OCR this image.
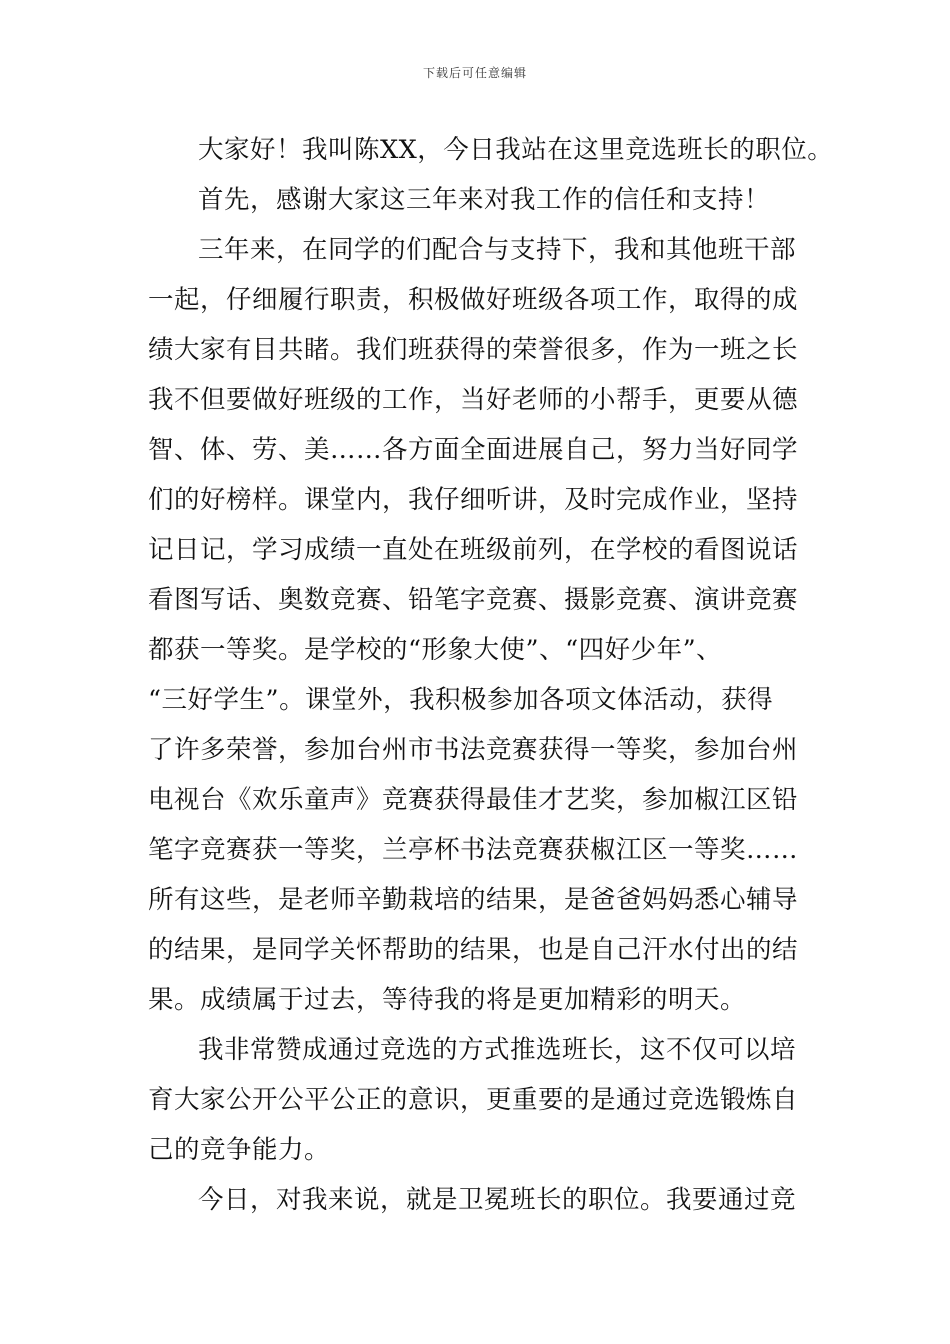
下载后可任意编辑
大家好！我叫陈XX，今日我站在这里竞选班长的职位。
首先，感谢大家这三年来对我工作的信任和支持！
三年来，在同学的们配合与支持下，我和其他班干部
一起，仔细履行职责，积极做好班级各项工作，取得的成
绩大家有目共睹。我们班获得的荣誉很多，作为一班之长
我不但要做好班级的工作，当好老师的小帮手，更要从德
智、体、劳、美……各方面全面进展自己，努力当好同学
们的好榜样。课堂内，我仔细听讲，及时完成作业，坚持
记日记，学习成绩一直处在班级前列，在学校的看图说话
看图写话、奥数竞赛、铅笔字竞赛、摄影竞赛、演讲竞赛
都获一等奖。是学校的“形象大使”、“四好少年”、
“三好学生”。课堂外，我积极参加各项文体活动，获得
了许多荣誉，参加台州市书法竞赛获得一等奖，参加台州
电视台《欢乐童声》竞赛获得最佳才艺奖，参加椒江区铅
笔字竞赛获一等奖，兰亭杯书法竞赛获椒江区一等奖……
所有这些，是老师辛勤栽培的结果，是爸爸妈妈悉心辅导
的结果，是同学关怀帮助的结果，也是自己汗水付出的结
果。成绩属于过去，等待我的将是更加精彩的明天。
我非常赞成通过竞选的方式推选班长，这不仅可以培
育大家公开公平公正的意识，更重要的是通过竞选锻炼自
己的竞争能力。
今日，对我来说，就是卫冕班长的职位。我要通过竞
